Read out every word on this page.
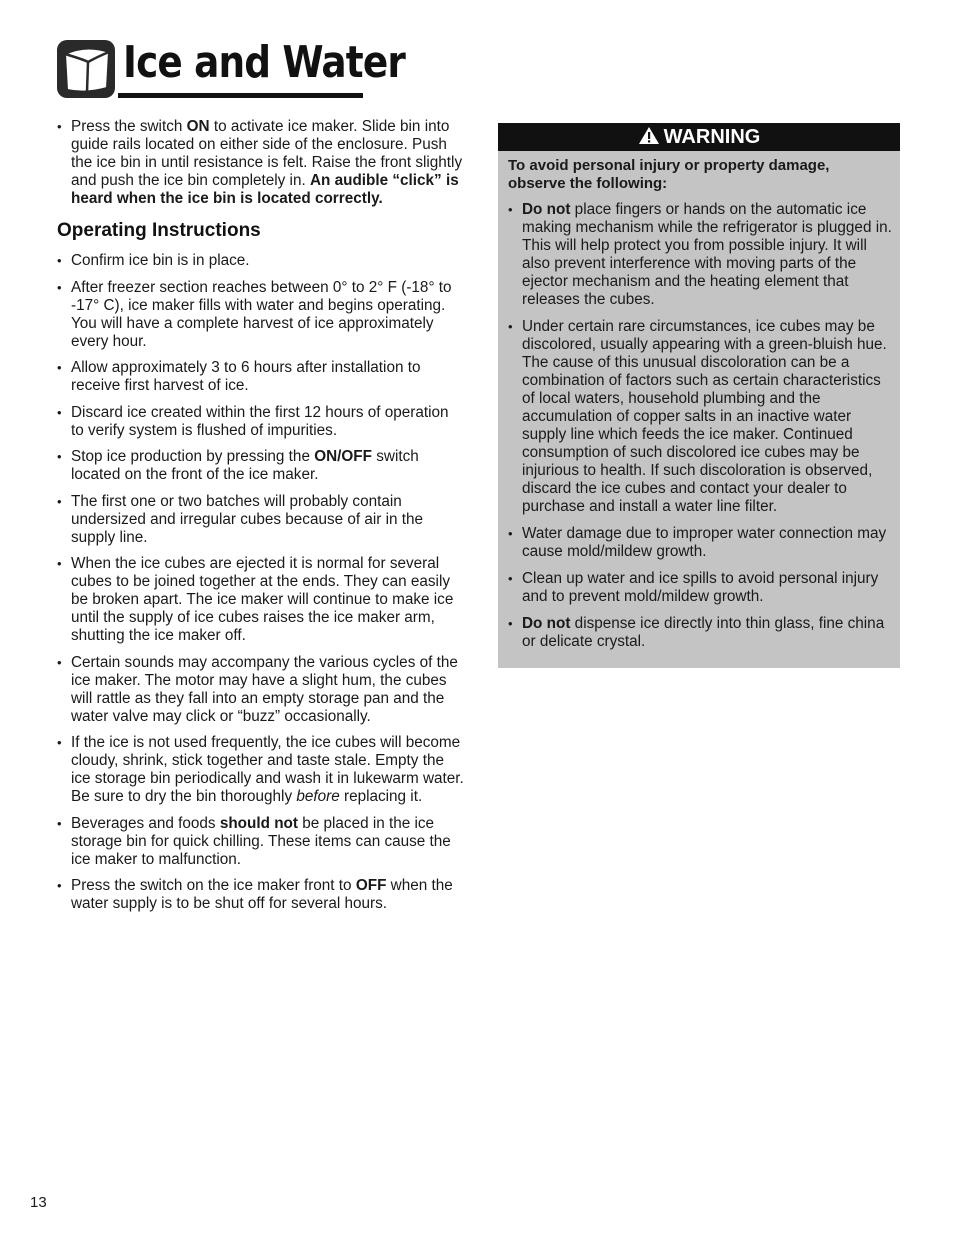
Ice and Water
• Press the switch ON to activate ice maker. Slide bin into guide rails located on either side of the enclosure. Push the ice bin in until resistance is felt. Raise the front slightly and push the ice bin completely in. An audible “click” is heard when the ice bin is located correctly.
Operating Instructions
• Confirm ice bin is in place.
• After freezer section reaches between 0° to 2° F (-18° to -17° C), ice maker fills with water and begins operating. You will have a complete harvest of ice approximately every hour.
• Allow approximately 3 to 6 hours after installation to receive first harvest of ice.
• Discard ice created within the first 12 hours of operation to verify system is flushed of impurities.
• Stop ice production by pressing the ON/OFF switch located on the front of the ice maker.
• The first one or two batches will probably contain undersized and irregular cubes because of air in the supply line.
• When the ice cubes are ejected it is normal for several cubes to be joined together at the ends. They can easily be broken apart. The ice maker will continue to make ice until the supply of ice cubes raises the ice maker arm, shutting the ice maker off.
• Certain sounds may accompany the various cycles of the ice maker. The motor may have a slight hum, the cubes will rattle as they fall into an empty storage pan and the water valve may click or “buzz” occasionally.
• If the ice is not used frequently, the ice cubes will become cloudy, shrink, stick together and taste stale. Empty the ice storage bin periodically and wash it in lukewarm water. Be sure to dry the bin thoroughly before replacing it.
• Beverages and foods should not be placed in the ice storage bin for quick chilling. These items can cause the ice maker to malfunction.
• Press the switch on the ice maker front to OFF when the water supply is to be shut off for several hours.
WARNING
To avoid personal injury or property damage, observe the following:
• Do not place fingers or hands on the automatic ice making mechanism while the refrigerator is plugged in. This will help protect you from possible injury. It will also prevent interference with moving parts of the ejector mechanism and the heating element that releases the cubes.
• Under certain rare circumstances, ice cubes may be discolored, usually appearing with a green-bluish hue. The cause of this unusual discoloration can be a combination of factors such as certain characteristics of local waters, household plumbing and the accumulation of copper salts in an inactive water supply line which feeds the ice maker. Continued consumption of such discolored ice cubes may be injurious to health. If such discoloration is observed, discard the ice cubes and contact your dealer to purchase and install a water line filter.
• Water damage due to improper water connection may cause mold/mildew growth.
• Clean up water and ice spills to avoid personal injury and to prevent mold/mildew growth.
• Do not dispense ice directly into thin glass, fine china or delicate crystal.
13
